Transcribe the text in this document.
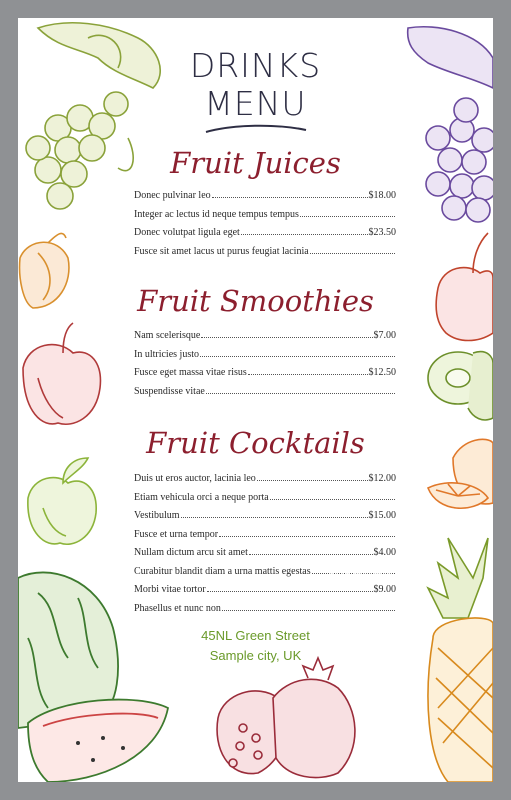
DRINKS
MENU
Fruit Juices
Donec pulvinar leo	$18.00
Integer ac lectus id neque tempus tempus
Donec volutpat ligula eget	$23.50
Fusce sit amet lacus ut purus feugiat lacinia
Fruit Smoothies
Nam scelerisque	$7.00
In ultricies justo
Fusce eget massa vitae risus	$12.50
Suspendisse vitae
Fruit Cocktails
Duis ut eros auctor, lacinia leo	$12.00
Etiam vehicula orci a neque porta
Vestibulum	$15.00
Fusce et urna tempor
Nullam dictum arcu sit amet	$4.00
Curabitur blandit diam a urna mattis egestas
Morbi vitae tortor	$9.00
Phasellus et nunc non
45NL Green Street
Sample city, UK
VCG 视觉中国
